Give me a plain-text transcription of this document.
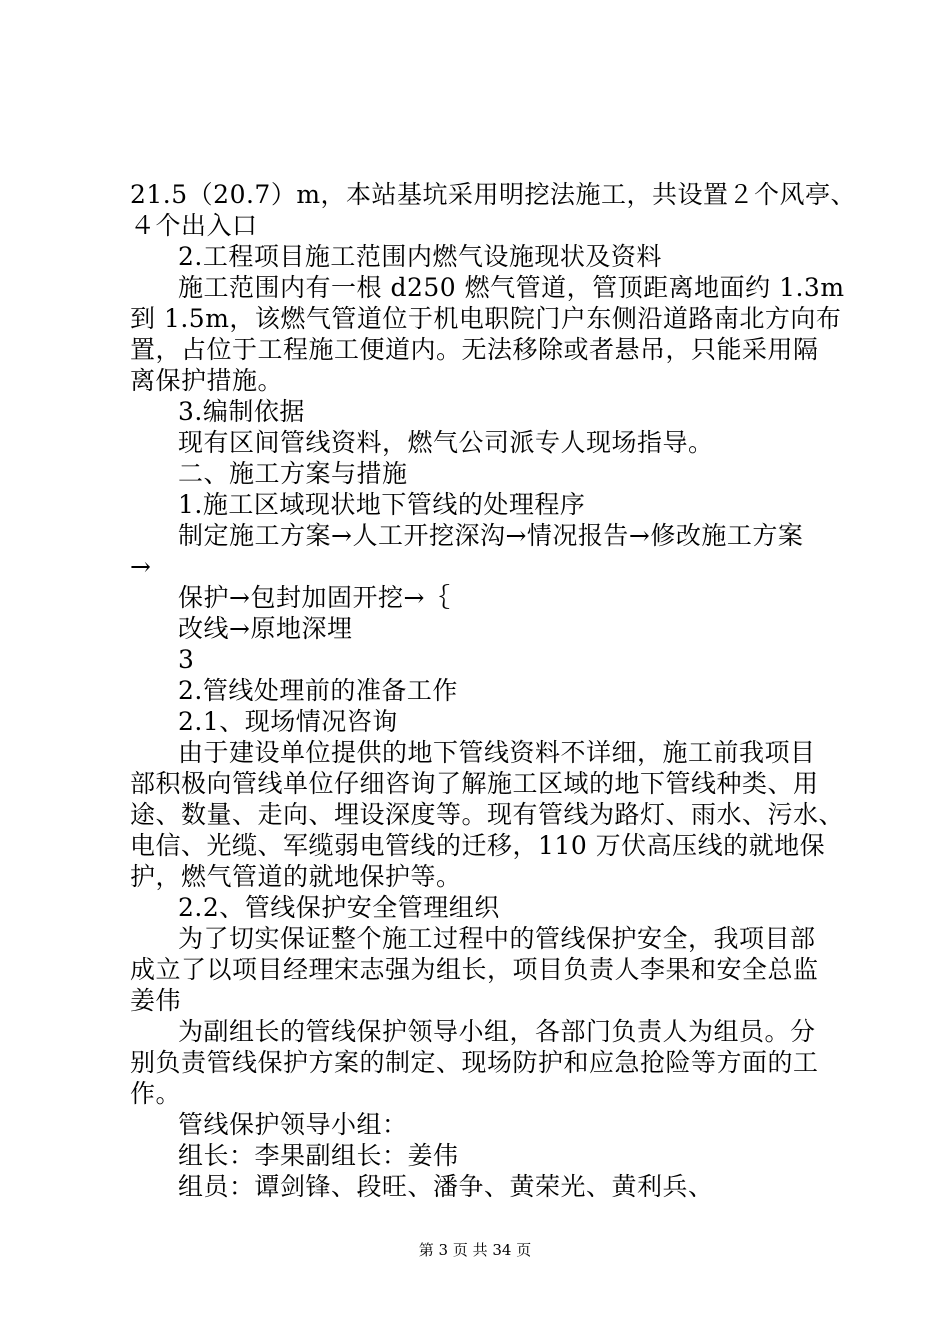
21.5（20.7）m，本站基坑采用明挖法施工，共设置２个风亭、
４个出入口
2.工程项目施工范围内燃气设施现状及资料
施工范围内有一根 d250 燃气管道，管顶距离地面约 1.3m
到 1.5m，该燃气管道位于机电职院门户东侧沿道路南北方向布
置，占位于工程施工便道内。无法移除或者悬吊，只能采用隔
离保护措施。
3.编制依据
现有区间管线资料，燃气公司派专人现场指导。
二、施工方案与措施
1.施工区域现状地下管线的处理程序
制定施工方案→人工开挖深沟→情况报告→修改施工方案
→
保护→包封加固开挖→｛
改线→原地深埋
3
2.管线处理前的准备工作
2.1、现场情况咨询
由于建设单位提供的地下管线资料不详细，施工前我项目
部积极向管线单位仔细咨询了解施工区域的地下管线种类、用
途、数量、走向、埋设深度等。现有管线为路灯、雨水、污水、
电信、光缆、军缆弱电管线的迁移，110 万伏高压线的就地保
护，燃气管道的就地保护等。
2.2、管线保护安全管理组织
为了切实保证整个施工过程中的管线保护安全，我项目部
成立了以项目经理宋志强为组长，项目负责人李果和安全总监
姜伟
为副组长的管线保护领导小组，各部门负责人为组员。分
别负责管线保护方案的制定、现场防护和应急抢险等方面的工
作。
管线保护领导小组：
组长：李果副组长：姜伟
组员：谭剑锋、段旺、潘争、黄荣光、黄利兵、
第 3 页 共 34 页
